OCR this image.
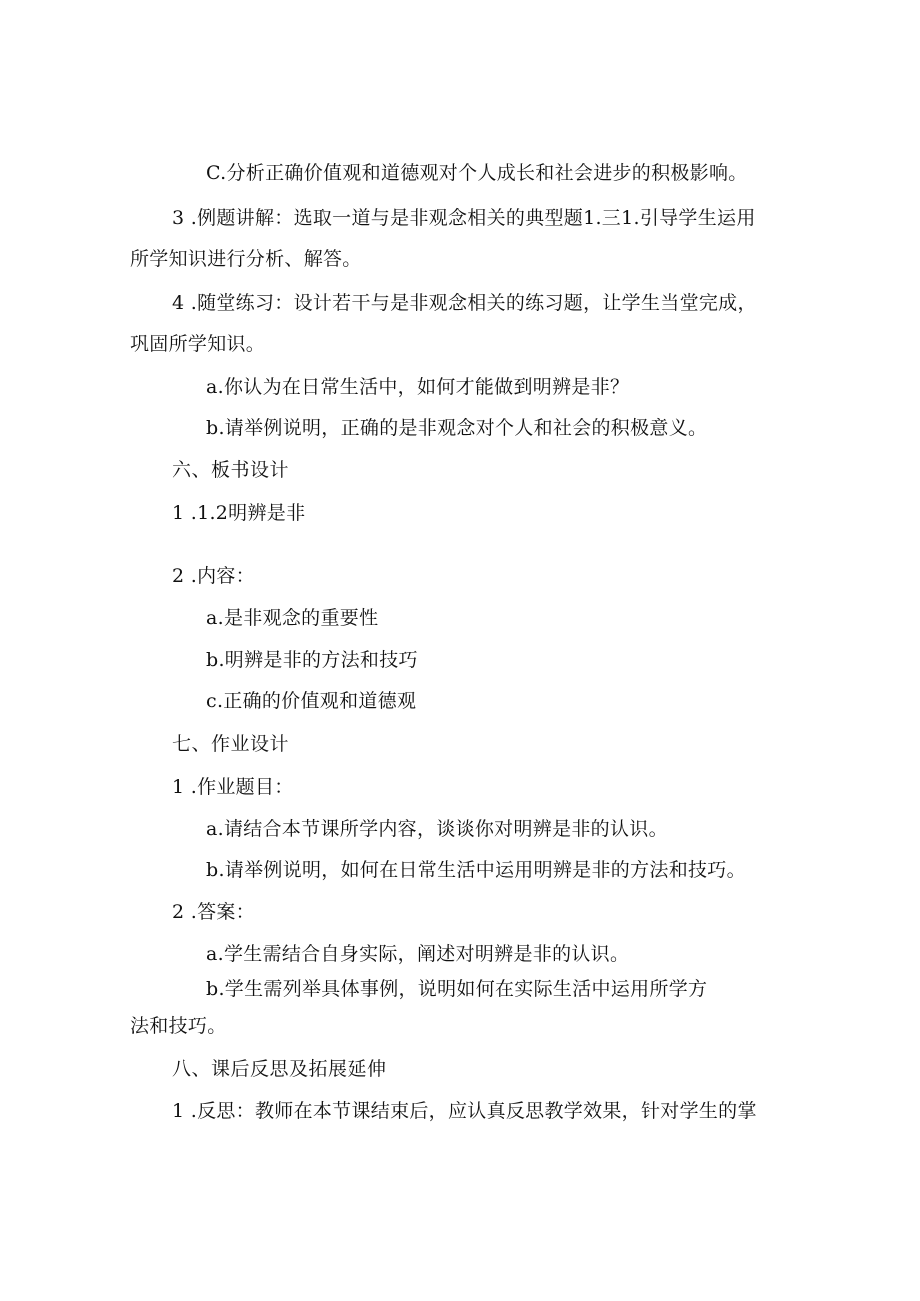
C.分析正确价值观和道德观对个人成长和社会进步的积极影响。
3 .例题讲解：选取一道与是非观念相关的典型题1.三1.引导学生运用
所学知识进行分析、解答。
4 .随堂练习：设计若干与是非观念相关的练习题，让学生当堂完成，
巩固所学知识。
a.你认为在日常生活中，如何才能做到明辨是非？
b.请举例说明，正确的是非观念对个人和社会的积极意义。
六、板书设计
1 .1.2明辨是非
2 .内容：
a.是非观念的重要性
b.明辨是非的方法和技巧
c.正确的价值观和道德观
七、作业设计
1 .作业题目：
a.请结合本节课所学内容，谈谈你对明辨是非的认识。
b.请举例说明，如何在日常生活中运用明辨是非的方法和技巧。
2 .答案：
a.学生需结合自身实际，阐述对明辨是非的认识。
b.学生需列举具体事例，说明如何在实际生活中运用所学方
法和技巧。
八、课后反思及拓展延伸
1 .反思：教师在本节课结束后，应认真反思教学效果，针对学生的掌
